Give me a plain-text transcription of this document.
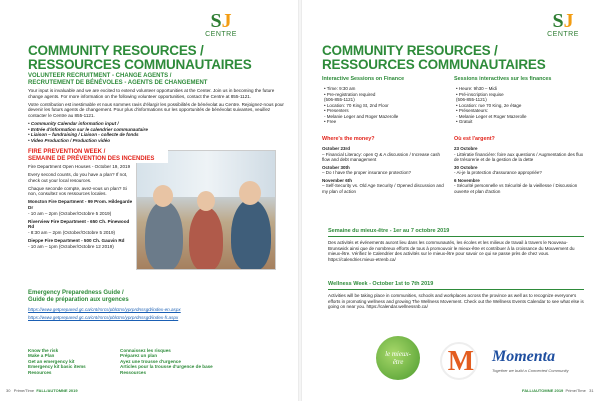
SJ
CENTRE
COMMUNITY RESOURCES /
RESSOURCES COMMUNAUTAIRES
VOLUNTEER RECRUITMENT - CHANGE AGENTS /
RECRUTEMENT DE BÉNÉVOLES - AGENTS DE CHANGEMENT

Your input is invaluable and we are excited to extend volunteer opportunities at the Center. Join us in becoming the future change agents. For more information on the following volunteer opportunities, contact the Centre at 855-1121.

Votre contribution est inestimable et nous sommes ravis d'élargir les possibilités de bénévolat au Centre. Rejoignez-nous pour devenir les futurs agents de changement. Pour plus d'informations sur les opportunités de bénévolat suivantes, veuillez contacter le Centre au 855-1121.

• Community Calendar information input /
• Entrée d'information sur le calendrier communautaire
• Liaison – fundraising / Liaison - collecte de fonds
• Video Production / Production vidéo
FIRE PREVENTION WEEK /
SEMAINE DE PRÉVENTION DES INCENDIES

Fire Department Open Houses - October 19, 2019

Every second counts, do you have a plan? If not, check out your local resources.

Chaque seconde compte, avez-vous un plan? Si non, consultez vos ressources locales.

Moncton Fire Department - 99 Prom. Hildegarde Dr
- 10 am – 2pm (October/Octobre 5 2019)

Riverview Fire Department - 650 Ch. Pinewood Rd
- 8:30 am – 2pm (October/Octobre 5 2019)

Dieppe Fire Department - 500 Ch. Gauvin Rd
- 10 am – 1pm (October/Octobre 12 2019)

Emergency Preparedness Guide /
Guide de préparation aux urgences
https://www.getprepared.gc.ca/cnt/rsrcs/pblctns/yprprdnssgd/index-en.aspx
https://www.getprepared.gc.ca/cnt/rsrcs/pblctns/yprprdnssgd/index-fr.aspx
Know the risk
Make a Plan
Get an emergency kit
Emergency kit basic items
Resources
Connaissez les risques
Préparez un plan
Ayez une trousse d'urgence
Articles pour la trousse d'urgence de base
Ressources
30 Prime/Time FALL/AUTOMNE 2019
SJ
CENTRE
COMMUNITY RESOURCES /
RESSOURCES COMMUNAUTAIRES
Interactive Sessions on Finance
• Time: 9:30 am
• Pre-registration required
(506-855-1121)
• Location: 70 King St, 2nd Floor
• Presenters
- Melanie Leger and Roger Mazerolle
• Free
Where's the money?
October 23rd
– Financial Literacy: open Q & A discussion / Increase cash flow and debt management
October 30th
– Do I have the proper insurance protection?
November 6th
– Self-Security vs. Old Age Security / Opened discussion and my plan of action
Sessions interactives sur les finances
• Heure: 9h30 – Midi
• Pré-inscription requise
(506-855-1121)
• Location: rue 70 King, 2e étage
• Présentateurs:
- Melanie Leger et Roger Mazerolle
• Gratuit
Où est l'argent?
23 Octobre
- Littératie financière: foire aux questions / Augmentation des flux de trésorerie et de la gestion de la dette
30 Octobre
- Ai-je la protection d'assurance appropriée?
6 Novembre
- Sécurité personnelle vs Sécurité de la vieillesse / Discussion ouverte et plan d'action
Semaine du mieux-être - 1er au 7 octobre 2019
Des activités et événements auront lieu dans les communautés, les écoles et les milieux de travail à travers le Nouveau-Brunswick ainsi que de nombreux efforts de tous à promouvoir le mieux-être et contribuer à la croissance du Mouvement du mieux-être. Vérifiez le Calendrier des activités sur le mieux-être pour savoir ce qui se passe près de chez vous. https://calendrier.mieux-etrenb.ca/
Wellness Week - October 1st to 7th 2019
Activities will be taking place in communities, schools and workplaces across the province as well as to recognize everyone's efforts in promoting wellness and growing The Wellness Movement. Check out the Wellness Events Calendar to see what else is going on near you. https://calendar.wellnessnb.ca/
le mieux-être	M Momenta
Together we build a Connected Community
FALL/AUTOMNE 2019 Prime/Time 31
